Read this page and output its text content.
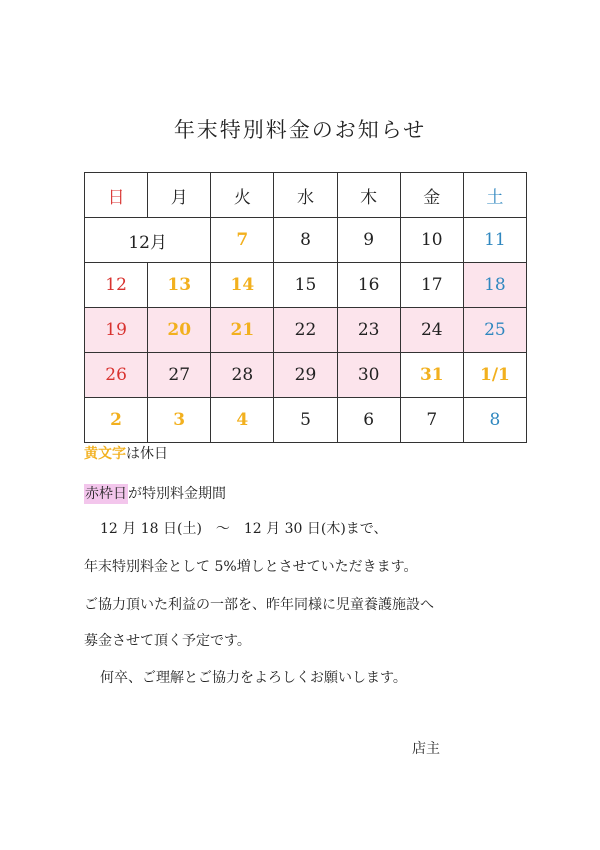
年末特別料金のお知らせ
日	月	火	水	木	金	土
12月		7	8	9	10	11
12	13	14	15	16	17	18
19	20	21	22	23	24	25
26	27	28	29	30	31	1/1
2	3	4	5	6	7	8
黄文字は休日
赤枠日が特別料金期間
12 月 18 日(土)　～　12 月 30 日(木)まで、
年末特別料金として 5%増しとさせていただきます。
ご協力頂いた利益の一部を、昨年同様に児童養護施設へ
募金させて頂く予定です。
何卒、ご理解とご協力をよろしくお願いします。
店主
